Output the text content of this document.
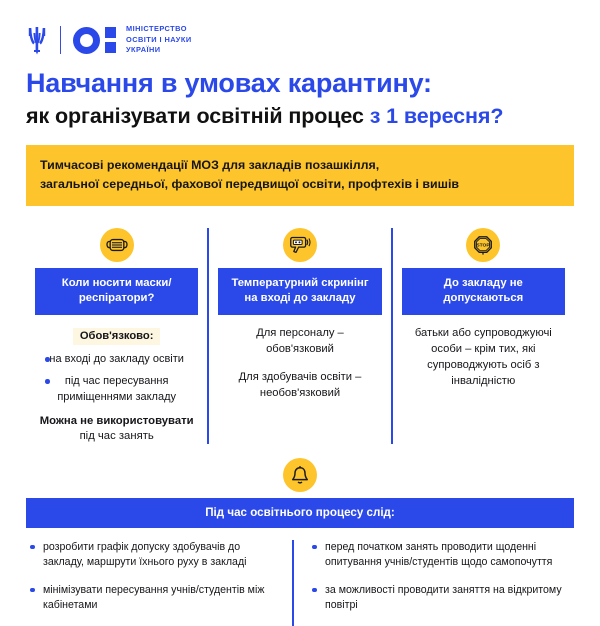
МІНІСТЕРСТВО
ОСВІТИ І НАУКИ
УКРАЇНИ
Навчання в умовах карантину:
як організувати освітній процес з 1 вересня?

Тимчасові рекомендації МОЗ для закладів позашкілля,

загальної середньої, фахової передвищої освіти, профтехів і вишів

Коли носити маски/респіратори?
Обов'язково:
на вході до закладу освіти
під час пересування приміщеннями закладу
Можна не використовувати
під час занять
Температурний скринінг на вході до закладу
Для персоналу – обов'язковий
Для здобувачів освіти – необов'язковий
STOP
До закладу не допускаються
батьки або супроводжуючі особи – крім тих, які супроводжують осіб з інвалідністю
Під час освітнього процесу слід:
розробити графік допуску здобувачів до закладу, маршрути їхнього руху в закладі
мінімізувати пересування учнів/студентів між кабінетами
перед початком занять проводити щоденні опитування учнів/студентів щодо самопочуття
за можливості проводити заняття на відкритому повітрі
